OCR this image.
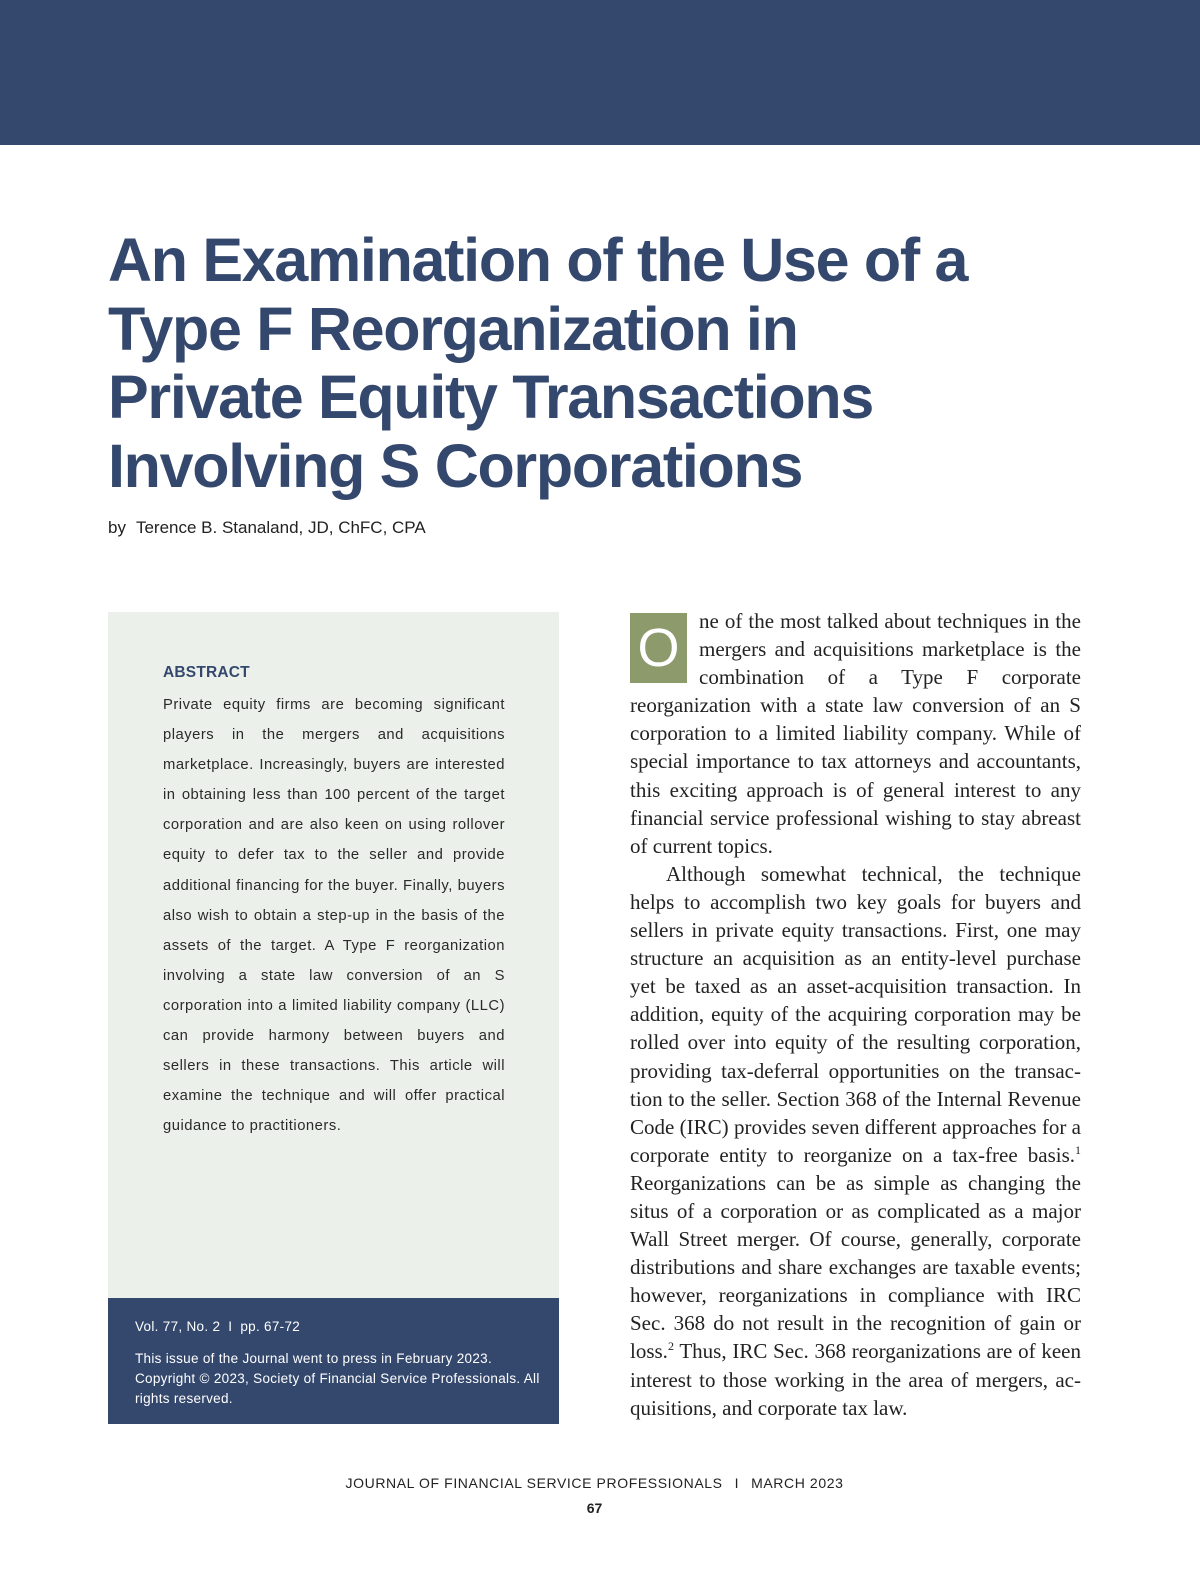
An Examination of the Use of a
Type F Reorganization in
Private Equity Transactions
Involving S Corporations
by Terence B. Stanaland, JD, ChFC, CPA
ABSTRACT

Private equity firms are becoming significant players in the mergers and acquisitions marketplace. Increasingly, buyers are interested in obtaining less than 100 percent of the target corporation and are also keen on using rollover equity to defer tax to the seller and provide additional financing for the buyer. Finally, buyers also wish to obtain a step-up in the basis of the assets of the target. A Type F reorganization involving a state law conversion of an S corporation into a limited liability company (LLC) can provide harmony between buyers and sellers in these transactions. This article will examine the technique and will offer practical guidance to practitioners.

Vol. 77, No. 2 I pp. 67-72

This issue of the Journal went to press in February 2023. Copyright © 2023, Society of Financial Service Professionals. All rights reserved.

O ne of the most talked about techniques in the mergers and acquisitions marketplace is the combination of a Type F corporate reorganization with a state law conversion of an S corporation to a limited liability company. While of special importance to tax attorneys and accountants, this exciting approach is of general interest to any financial service professional wishing to stay abreast of current topics.

Although somewhat technical, the technique helps to accomplish two key goals for buyers and sellers in private equity transactions. First, one may structure an acquisition as an entity-level purchase yet be taxed as an asset-acquisition transaction. In addition, equity of the acquiring corporation may be rolled over into equity of the resulting corporation, providing tax-deferral opportunities on the transaction to the seller. Section 368 of the Internal Revenue Code (IRC) provides seven different approaches for a corporate entity to reorganize on a tax-free basis.$^1$ Reorganizations can be as simple as changing the situs of a corporation or as complicated as a major Wall Street merger. Of course, generally, corporate distributions and share exchanges are taxable events; however, reorganizations in compliance with IRC Sec. 368 do not result in the recognition of gain or loss.$^2$ Thus, IRC Sec. 368 reorganizations are of keen interest to those working in the area of mergers, acquisitions, and corporate tax law.

JOURNAL OF FINANCIAL SERVICE PROFESSIONALS I MARCH 2023
67
